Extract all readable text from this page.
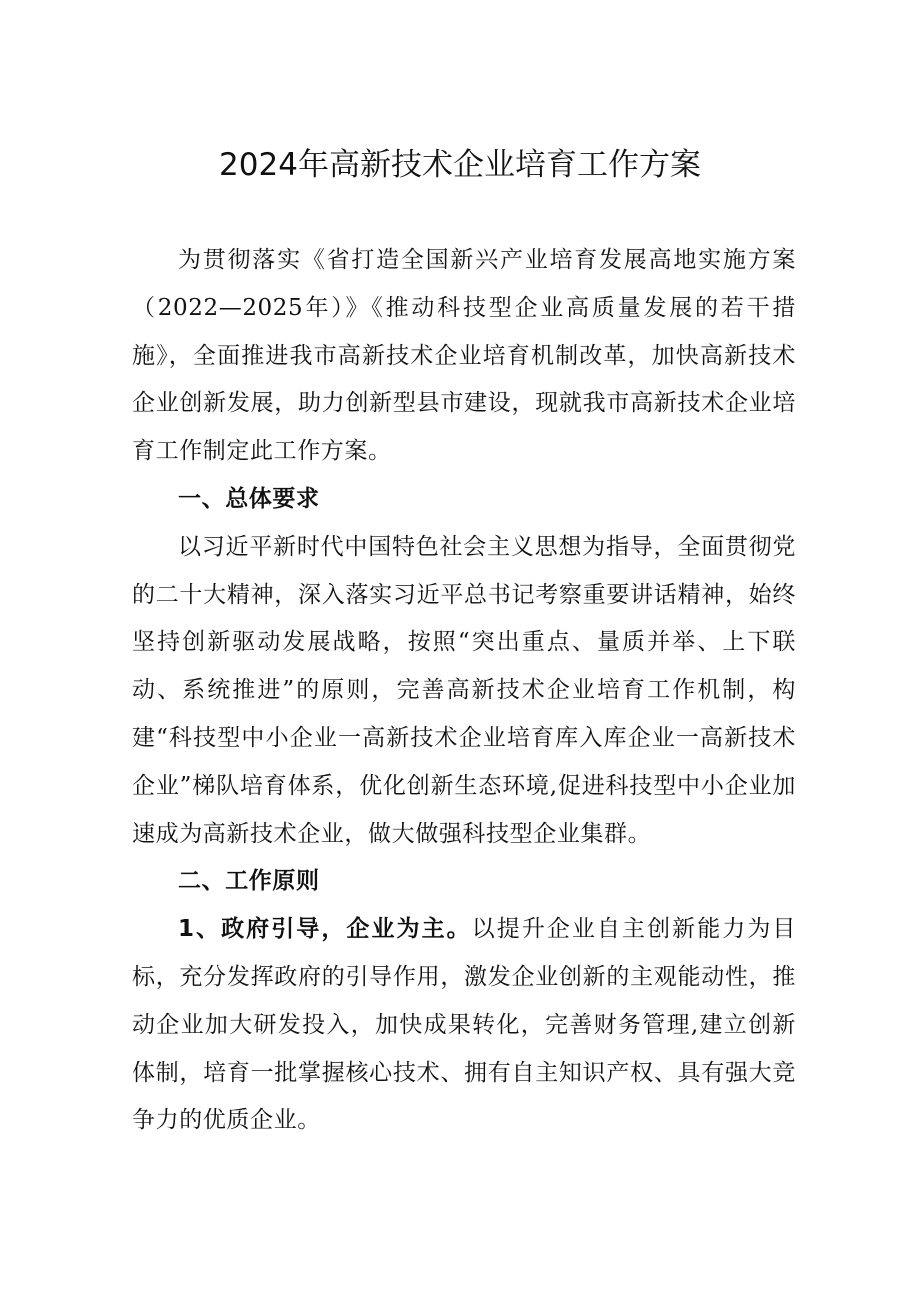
2024年高新技术企业培育工作方案

为贯彻落实《省打造全国新兴产业培育发展高地实施方案（2022—2025年）》《推动科技型企业高质量发展的若干措施》，全面推进我市高新技术企业培育机制改革，加快高新技术企业创新发展，助力创新型县市建设，现就我市高新技术企业培育工作制定此工作方案。

一、总体要求

以习近平新时代中国特色社会主义思想为指导，全面贯彻党的二十大精神，深入落实习近平总书记考察重要讲话精神，始终坚持创新驱动发展战略，按照“突出重点、量质并举、上下联动、系统推进”的原则，完善高新技术企业培育工作机制，构建“科技型中小企业一高新技术企业培育库入库企业一高新技术企业”梯队培育体系，优化创新生态环境,促进科技型中小企业加速成为高新技术企业，做大做强科技型企业集群。

二、工作原则

1、政府引导，企业为主。以提升企业自主创新能力为目标，充分发挥政府的引导作用，激发企业创新的主观能动性，推动企业加大研发投入，加快成果转化，完善财务管理,建立创新体制，培育一批掌握核心技术、拥有自主知识产权、具有强大竞争力的优质企业。
